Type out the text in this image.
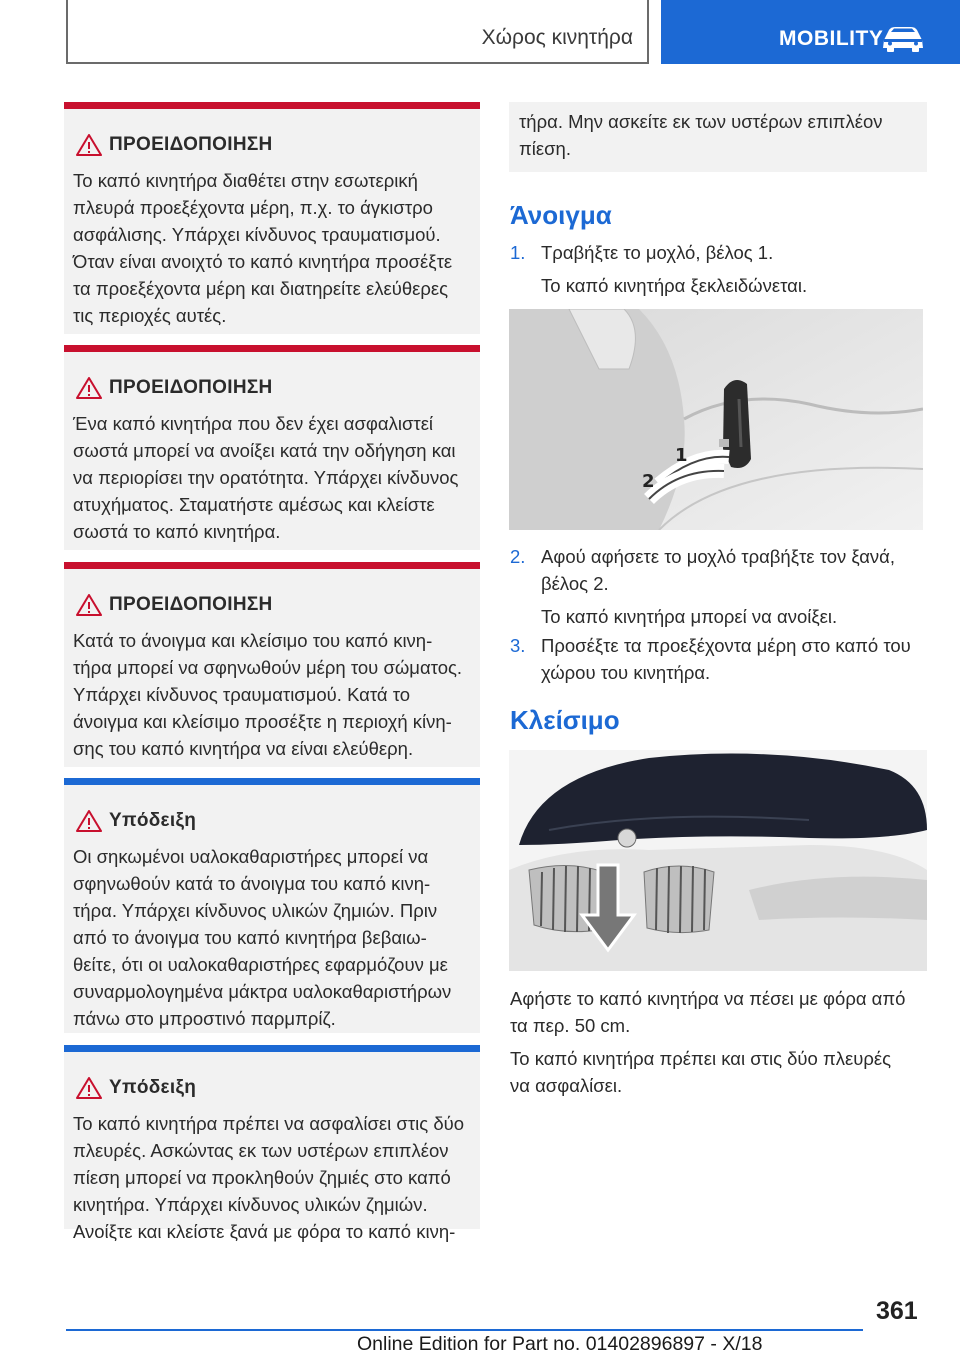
Χώρος κινητήρα	MOBILITY
ΠΡΟΕΙΔΟΠΟΙΗΣΗ
Το καπό κινητήρα διαθέτει στην εσωτερική
πλευρά προεξέχοντα μέρη, π.χ. το άγκιστρο
ασφάλισης. Υπάρχει κίνδυνος τραυματισμού.
Όταν είναι ανοιχτό το καπό κινητήρα προσέξτε
τα προεξέχοντα μέρη και διατηρείτε ελεύθερες
τις περιοχές αυτές.
ΠΡΟΕΙΔΟΠΟΙΗΣΗ
Ένα καπό κινητήρα που δεν έχει ασφαλιστεί
σωστά μπορεί να ανοίξει κατά την οδήγηση και
να περιορίσει την ορατότητα. Υπάρχει κίνδυνος
ατυχήματος. Σταματήστε αμέσως και κλείστε
σωστά το καπό κινητήρα.
ΠΡΟΕΙΔΟΠΟΙΗΣΗ
Κατά το άνοιγμα και κλείσιμο του καπό κινη‐
τήρα μπορεί να σφηνωθούν μέρη του σώματος.
Υπάρχει κίνδυνος τραυματισμού. Κατά το
άνοιγμα και κλείσιμο προσέξτε η περιοχή κίνη‐
σης του καπό κινητήρα να είναι ελεύθερη.
Υπόδειξη
Οι σηκωμένοι υαλοκαθαριστήρες μπορεί να
σφηνωθούν κατά το άνοιγμα του καπό κινη‐
τήρα. Υπάρχει κίνδυνος υλικών ζημιών. Πριν
από το άνοιγμα του καπό κινητήρα βεβαιω‐
θείτε, ότι οι υαλοκαθαριστήρες εφαρμόζουν με
συναρμολογημένα μάκτρα υαλοκαθαριστήρων
πάνω στο μπροστινό παρμπρίζ.
Υπόδειξη
Το καπό κινητήρα πρέπει να ασφαλίσει στις δύο
πλευρές. Ασκώντας εκ των υστέρων επιπλέον
πίεση μπορεί να προκληθούν ζημιές στο καπό
κινητήρα. Υπάρχει κίνδυνος υλικών ζημιών.
Ανοίξτε και κλείστε ξανά με φόρα το καπό κινη‐
τήρα. Μην ασκείτε εκ των υστέρων επιπλέον
πίεση.
Άνοιγμα
1. Τραβήξτε το μοχλό, βέλος 1.
Το καπό κινητήρα ξεκλειδώνεται.
1
2
2. Αφού αφήσετε το μοχλό τραβήξτε τον ξανά, βέλος 2.
Το καπό κινητήρα μπορεί να ανοίξει.
3. Προσέξτε τα προεξέχοντα μέρη στο καπό του χώρου του κινητήρα.
Κλείσιμο
Αφήστε το καπό κινητήρα να πέσει με φόρα από τα περ. 50 cm.
Το καπό κινητήρα πρέπει και στις δύο πλευρές να ασφαλίσει.
361
Online Edition for Part no. 01402896897 - X/18
